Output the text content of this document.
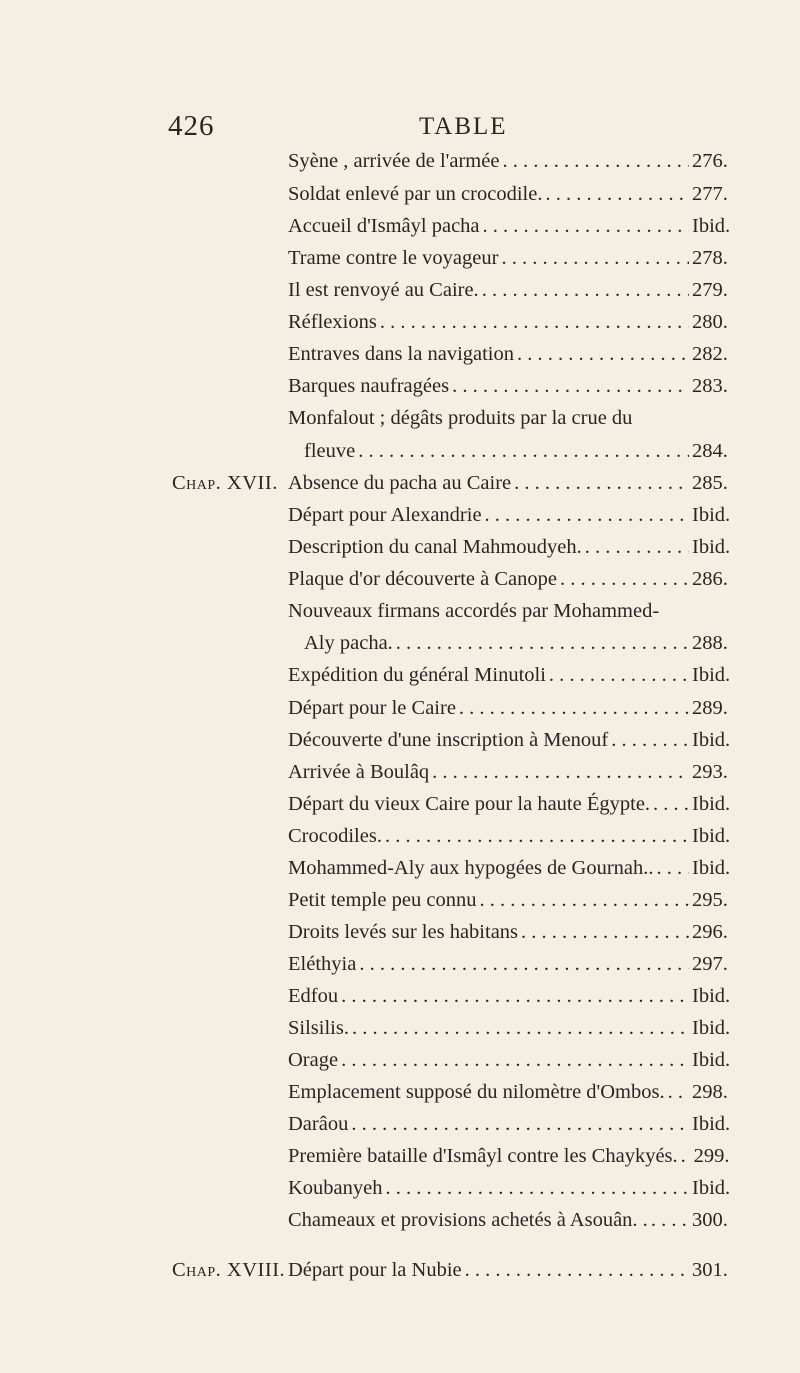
426	TABLE
Syène , arrivée de l'armée . . .	276.
Soldat enlevé par un crocodile. . . .	277.
Accueil d'Ismâyl pacha . . .	Ibid.
Trame contre le voyageur . . .	278.
Il est renvoyé au Caire. . . .	279.
Réflexions . . .	280.
Entraves dans la navigation . . .	282.
Barques naufragées . . .	283.
Monfalout ; dégâts produits par la crue du
fleuve . . .	284.
Chap. XVII. Absence du pacha au Caire . . .	285.
Départ pour Alexandrie . . .	Ibid.
Description du canal Mahmoudyeh. . . .	Ibid.
Plaque d'or découverte à Canope . . .	286.
Nouveaux firmans accordés par Mohammed-
Aly pacha. . . .	288.
Expédition du général Minutoli . . .	Ibid.
Départ pour le Caire . . .	289.
Découverte d'une inscription à Menouf . . .	Ibid.
Arrivée à Boulâq . . .	293.
Départ du vieux Caire pour la haute Égypte. . . . Ibid.
Crocodiles. . . .	Ibid.
Mohammed-Aly aux hypogées de Gournah.. . . . Ibid.
Petit temple peu connu . . .	295.
Droits levés sur les habitans . . .	296.
Eléthyia . . .	297.
Edfou . . .	Ibid.
Silsilis. . . .	Ibid.
Orage . . .	Ibid.
Emplacement supposé du nilomètre d'Ombos. . . . 298.
Darâou . . .	Ibid.
Première bataille d'Ismâyl contre les Chaykyés. . . . 299.
Koubanyeh . . .	Ibid.
Chameaux et provisions achetés à Asouân. . . . . 300.
Chap. XVIII. Départ pour la Nubie . . .	301.
